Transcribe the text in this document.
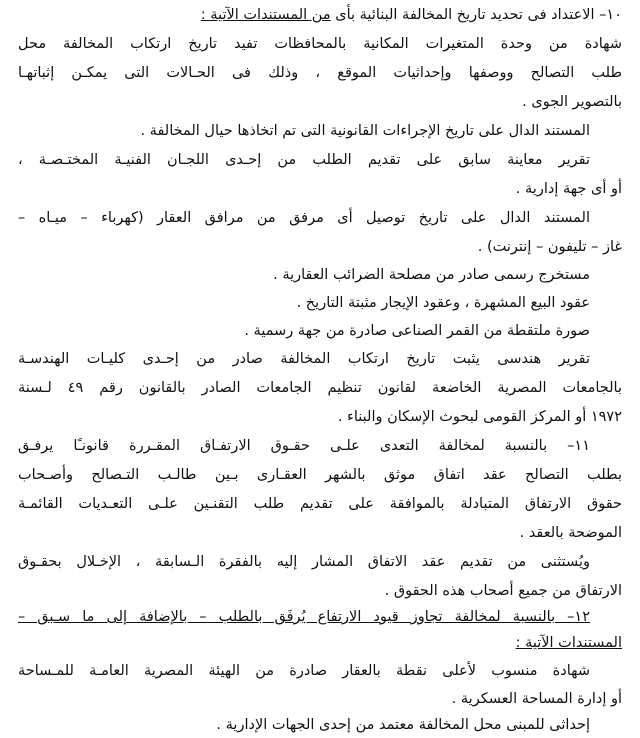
١٠– الاعتداد فى تحديد تاريخ المخالفة البنائية بأى من المستندات الآتية :
شهادة من وحدة المتغيرات المكانية بالمحافظات تفيد تاريخ ارتكاب المخالفة محل
طلب التصالح ووصفها وإحداثيات الموقع ، وذلك فى الحـالات التى يمكـن إثباتهـا
بالتصوير الجوى .
المستند الدال على تاريخ الإجراءات القانونية التى تم اتخاذها حيال المخالفة .
تقرير معاينة سابق على تقديم الطلب من إحـدى اللجـان الفنيـة المختـصـة ،
أو أى جهة إدارية .
المستند الدال على تاريخ توصيل أى مرفق من مرافق العقار (كهرباء – ميـاه –
غاز – تليفون – إنترنت) .
مستخرج رسمى صادر من مصلحة الضرائب العقارية .
عقود البيع المشهرة ، وعقود الإيجار مثبتة التاريخ .
صورة ملتقطة من القمر الصناعى صادرة من جهة رسمية .
تقرير هندسى يثبت تاريخ ارتكاب المخالفة صادر من إحـدى كليـات الهندسـة
بالجامعات المصرية الخاضعة لقانون تنظيم الجامعات الصادر بالقانون رقم ٤٩ لـسنة
١٩٧٢ أو المركز القومى لبحوث الإسكان والبناء .
١١– بالنسبة لمخالفة التعدى علـى حقـوق الارتفـاق المقـررة قانونـًا يرفـق
بطلب التصالح عقد اتفاق موثق بالشهر العقـارى بـين طالـب التـصالح وأصـحاب
حقوق الارتفاق المتبادلة بالموافقة على تقديم طلب التقنـين علـى التعـديات القائمـة
الموضحة بالعقد .
ويُستثنى من تقديم عقد الاتفاق المشار إليه بالفقرة الـسابقة ، الإخـلال بحقـوق
الارتفاق من جميع أصحاب هذه الحقوق .
١٢– بالنسبة لمخالفة تجاوز قيود الارتفاع يُرفَق بالطلب – بالإضافة إلى ما سـبق –
المستندات الآتية :
شهادة منسوب لأعلى نقطة بالعقار صادرة من الهيئة المصرية العامـة للمـساحة
أو إدارة المساحة العسكرية .
إحداثى للمبنى محل المخالفة معتمد من إحدى الجهات الإدارية .
